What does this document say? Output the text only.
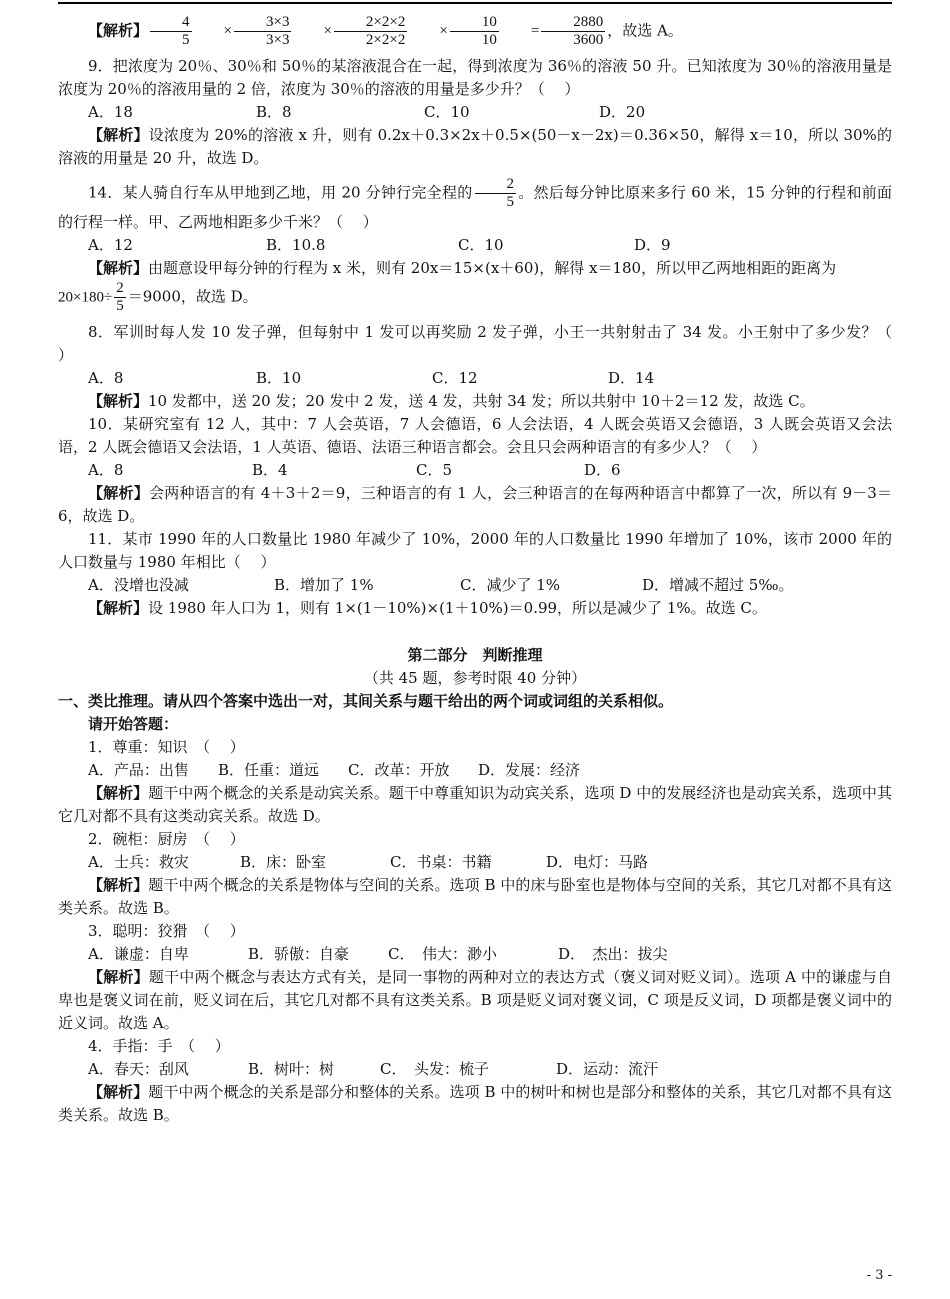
【解析】 $\frac{4}{5} \times \frac{3\times 3}{3\times 3} \times \frac{2\times 2\times 2}{2\times 2\times 2} \times \frac{10}{10} = \frac{2880}{3600}$ ，故选 A。

9．把浓度为 20％、30％和 50％的某溶液混合在一起，得到浓度为 36％的溶液 50 升。已知浓度为 30％的溶液用量是浓度为 20％的溶液用量的 2 倍，浓度为 30％的溶液的用量是多少升？（　 ）

A．18	B．8	C．10	D．20

【解析】设浓度为 20%的溶液 x 升，则有 0.2x＋0.3×2x＋0.5×(50－x－2x)＝0.36×50，解得 x＝10，所以 30%的溶液的用量是 20 升，故选 D。

14．某人骑自行车从甲地到乙地，用 20 分钟行完全程的 $\frac{2}{5}$ 。然后每分钟比原来多行 60 米，15 分钟的行程和前面的行程一样。甲、乙两地相距多少千米？（　 ）

A．12	B．10.8	C．10	D．9

【解析】由题意设甲每分钟的行程为 x 米，则有 20x＝15×(x＋60)，解得 x＝180，所以甲乙两地相距的距离为

$20\times 180\div \frac{2}{5} =9000$，故选 D。

8．军训时每人发 10 发子弹，但每射中 1 发可以再奖励 2 发子弹，小王一共射射击了 34 发。小王射中了多少发？（　 ）

A．8	B．10	C．12	D．14

【解析】10 发都中，送 20 发；20 发中 2 发，送 4 发，共射 34 发；所以共射中 10＋2＝12 发，故选 C。

10．某研究室有 12 人，其中：7 人会英语，7 人会德语，6 人会法语，4 人既会英语又会德语，3 人既会英语又会法语，2 人既会德语又会法语，1 人英语、德语、法语三种语言都会。会且只会两种语言的有多少人？（　 ）

A．8	B．4	C．5	D．6

【解析】会两种语言的有 4＋3＋2＝9，三种语言的有 1 人，会三种语言的在每两种语言中都算了一次，所以有 9－3＝6，故选 D。

11．某市 1990 年的人口数量比 1980 年减少了 10%，2000 年的人口数量比 1990 年增加了 10%，该市 2000 年的人口数量与 1980 年相比（　 ）

A．没增也没减	B．增加了 1%	C．减少了 1%	D．增减不超过 5‰。

【解析】设 1980 年人口为 1，则有 1×(1－10%)×(1＋10%)＝0.99，所以是减少了 1%。故选 C。

第二部分　判断推理

（共 45 题，参考时限 40 分钟）

一、类比推理。请从四个答案中选出一对，其间关系与题干给出的两个词或词组的关系相似。

请开始答题：

1．尊重：知识　（　 ）

A．产品：出售	B．任重：道远	C．改革：开放	D．发展：经济

【解析】题干中两个概念的关系是动宾关系。题干中尊重知识为动宾关系，选项 D 中的发展经济也是动宾关系，选项中其它几对都不具有这类动宾关系。故选 D。

2．碗柜：厨房　（　 ）

A．士兵：救灾	B．床：卧室	C．书桌：书籍	D．电灯：马路

【解析】题干中两个概念的关系是物体与空间的关系。选项 B 中的床与卧室也是物体与空间的关系，其它几对都不具有这类关系。故选 B。

3．聪明：狡猾　（　 ）

A．谦虚：自卑	B．骄傲：自豪	C．　伟大：渺小	D．　杰出：拔尖

【解析】题干中两个概念与表达方式有关，是同一事物的两种对立的表达方式（褒义词对贬义词）。选项 A 中的谦虚与自卑也是褒义词在前，贬义词在后，其它几对都不具有这类关系。B 项是贬义词对褒义词，C 项是反义词，D 项都是褒义词中的近义词。故选 A。

4．手指：手　（　 ）

A．春天：刮风	B．树叶：树	C．　头发：梳子	D．运动：流汗

【解析】题干中两个概念的关系是部分和整体的关系。选项 B 中的树叶和树也是部分和整体的关系，其它几对都不具有这类关系。故选 B。

- 3 -
